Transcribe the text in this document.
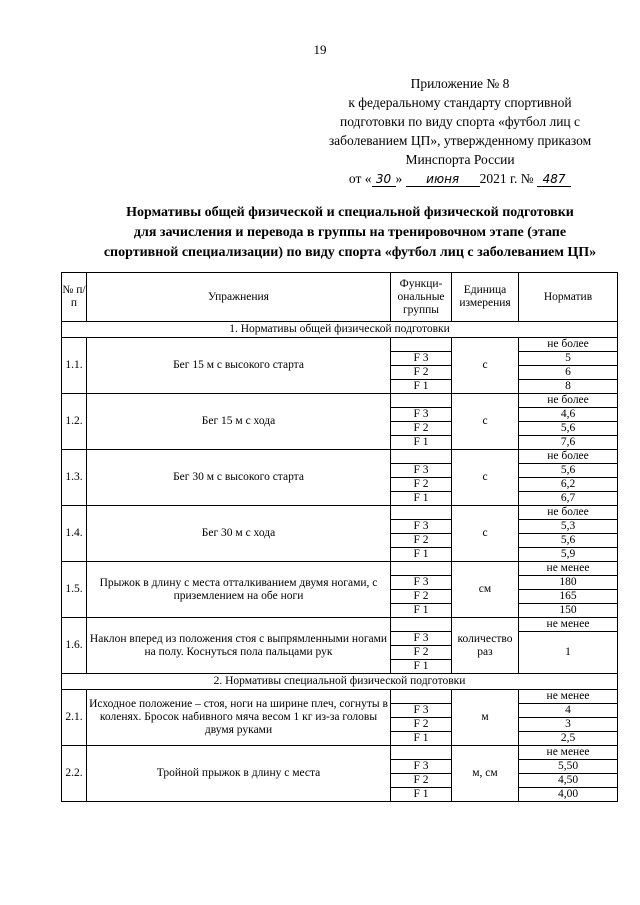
19
Приложение № 8
к федеральному стандарту спортивной
подготовки по виду спорта «футбол лиц с
заболеванием ЦП», утвержденному приказом
Минспорта России
от « 30 » июня 2021 г. № 487
Нормативы общей физической и специальной физической подготовки
для зачисления и перевода в группы на тренировочном этапе (этапе
спортивной специализации) по виду спорта «футбол лиц с заболеванием ЦП»
№ п/п	Упражнения	Функци-ональные группы	Единица измерения	Норматив
1. Нормативы общей физической подготовки				
1.1.	Бег 15 м с высокого старта		с	не более
		F 3		5
		F 2		6
		F 1		8
1.2.	Бег 15 м с хода		с	не более
		F 3		4,6
		F 2		5,6
		F 1		7,6
1.3.	Бег 30 м с высокого старта		с	не более
		F 3		5,6
		F 2		6,2
		F 1		6,7
1.4.	Бег 30 м с хода		с	не более
		F 3		5,3
		F 2		5,6
		F 1		5,9
1.5.	Прыжок в длину с места отталкиванием двумя ногами, с приземлением на обе ноги		см	не менее
		F 3		180
		F 2		165
		F 1		150
1.6.	Наклон вперед из положения стоя с выпрямленными ногами на полу. Коснуться пола пальцами рук		количество раз	не менее
		F 3		1
		F 2		
		F 1		
2. Нормативы специальной физической подготовки				
2.1.	Исходное положение – стоя, ноги на ширине плеч, согнуты в коленях. Бросок набивного мяча весом 1 кг из-за головы двумя руками		м	не менее
		F 3		4
		F 2		3
		F 1		2,5
2.2.	Тройной прыжок в длину с места		м, см	не менее
		F 3		5,50
		F 2		4,50
		F 1		4,00
